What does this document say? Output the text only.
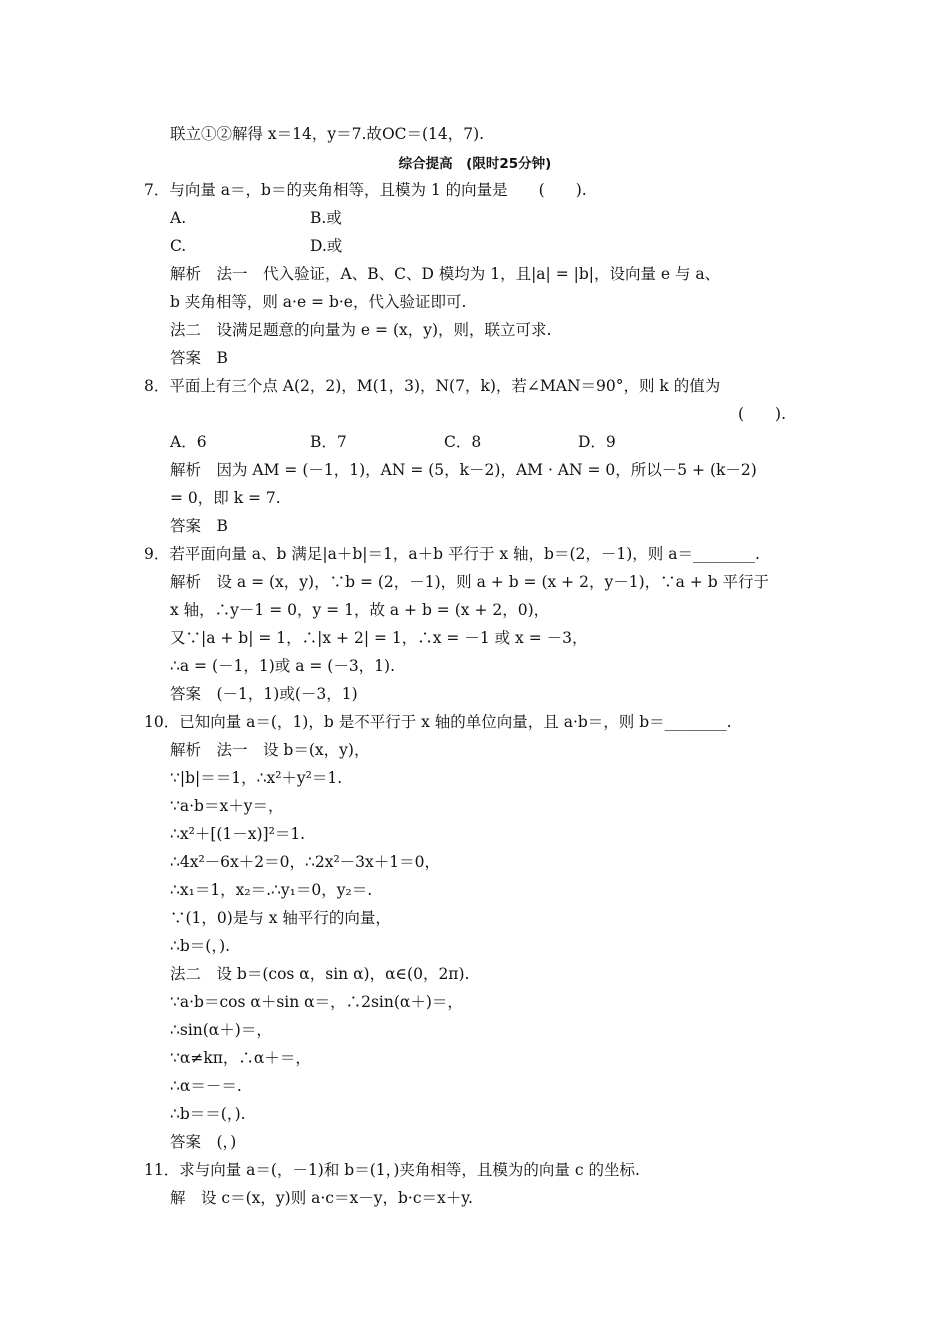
联立①②解得 x＝14，y＝7.故OC＝(14，7).
综合提高　(限时25分钟)
7．与向量 a＝，b＝的夹角相等，且模为 1 的向量是　　(　　).
A.	B.或
C.	D.或
解析　法一　代入验证，A、B、C、D 模均为 1，且|a| = |b|，设向量 e 与 a、
b 夹角相等，则 a·e = b·e，代入验证即可.
法二　设满足题意的向量为 e = (x，y)，则，联立可求.
答案　B
8．平面上有三个点 A(2，2)，M(1，3)，N(7，k)，若∠MAN＝90°，则 k 的值为
(　　).
A．6	B．7	C．8	D．9
解析　因为 AM = (－1，1)，AN = (5，k－2)，AM · AN = 0，所以－5 + (k－2)
= 0，即 k = 7.
答案　B
9．若平面向量 a、b 满足|a＋b|＝1，a＋b 平行于 x 轴，b＝(2，－1)，则 a＝________.
解析　设 a = (x，y)，∵b = (2，－1)，则 a + b = (x + 2，y－1)，∵a + b 平行于
x 轴，∴y－1 = 0，y = 1，故 a + b = (x + 2，0)，
又∵|a + b| = 1，∴|x + 2| = 1，∴x = －1 或 x = －3，
∴a = (－1，1)或 a = (－3，1).
答案　(－1，1)或(－3，1)
10．已知向量 a＝(，1)，b 是不平行于 x 轴的单位向量，且 a·b＝，则 b＝________.
解析　法一　设 b＝(x，y)，
∵|b|＝＝1，∴x²＋y²＝1.
∵a·b＝x＋y＝，
∴x²＋[(1－x)]²＝1.
∴4x²－6x＋2＝0，∴2x²－3x＋1＝0，
∴x₁＝1，x₂＝.∴y₁＝0，y₂＝.
∵(1，0)是与 x 轴平行的向量，
∴b＝(，).
法二　设 b＝(cos α，sin α)，α∈(0，2π).
∵a·b＝cos α＋sin α＝，∴2sin(α＋)＝，
∴sin(α＋)＝，
∵α≠kπ，∴α＋＝，
∴α＝－＝.
∴b＝＝(，).
答案　(，)
11．求与向量 a＝(，－1)和 b＝(1，)夹角相等，且模为的向量 c 的坐标.
解　设 c＝(x，y)则 a·c＝x－y，b·c＝x＋y.
